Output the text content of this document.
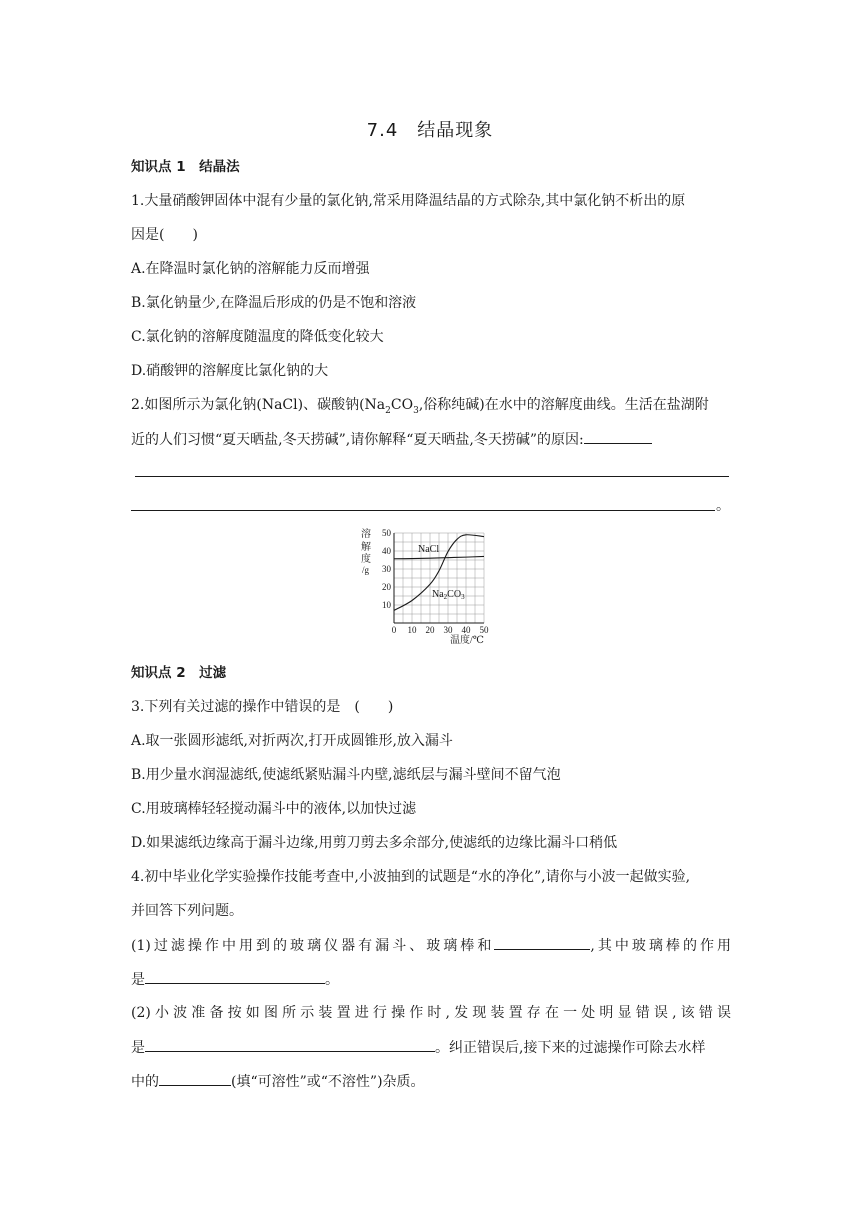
7.4　结晶现象
知识点 1　结晶法
1.大量硝酸钾固体中混有少量的氯化钠,常采用降温结晶的方式除杂,其中氯化钠不析出的原
因是(　　)
A.在降温时氯化钠的溶解能力反而增强
B.氯化钠量少,在降温后形成的仍是不饱和溶液
C.氯化钠的溶解度随温度的降低变化较大
D.硝酸钾的溶解度比氯化钠的大
2.如图所示为氯化钠(NaCl)、碳酸钠($Na_2CO_3$,俗称纯碱)在水中的溶解度曲线。生活在盐湖附
近的人们习惯“夏天晒盐,冬天捞碱”,请你解释“夏天晒盐,冬天捞碱”的原因:
。
溶
解
度
/g
0 10 20 30 40 50
10
20
30
40
50
NaCl
$Na_2CO_3$
温度/℃
知识点 2　过滤
3.下列有关过滤的操作中错误的是　(　　)
A.取一张圆形滤纸,对折两次,打开成圆锥形,放入漏斗
B.用少量水润湿滤纸,使滤纸紧贴漏斗内壁,滤纸层与漏斗壁间不留气泡
C.用玻璃棒轻轻搅动漏斗中的液体,以加快过滤
D.如果滤纸边缘高于漏斗边缘,用剪刀剪去多余部分,使滤纸的边缘比漏斗口稍低
4.初中毕业化学实验操作技能考查中,小波抽到的试题是“水的净化”,请你与小波一起做实验,
并回答下列问题。
(1)过滤操作中用到的玻璃仪器有漏斗、玻璃棒和	,其中玻璃棒的作用
是	。
(2)小波准备按如图所示装置进行操作时,发现装置存在一处明显错误,该错误
是	。纠正错误后,接下来的过滤操作可除去水样
中的	(填“可溶性”或“不溶性”)杂质。
